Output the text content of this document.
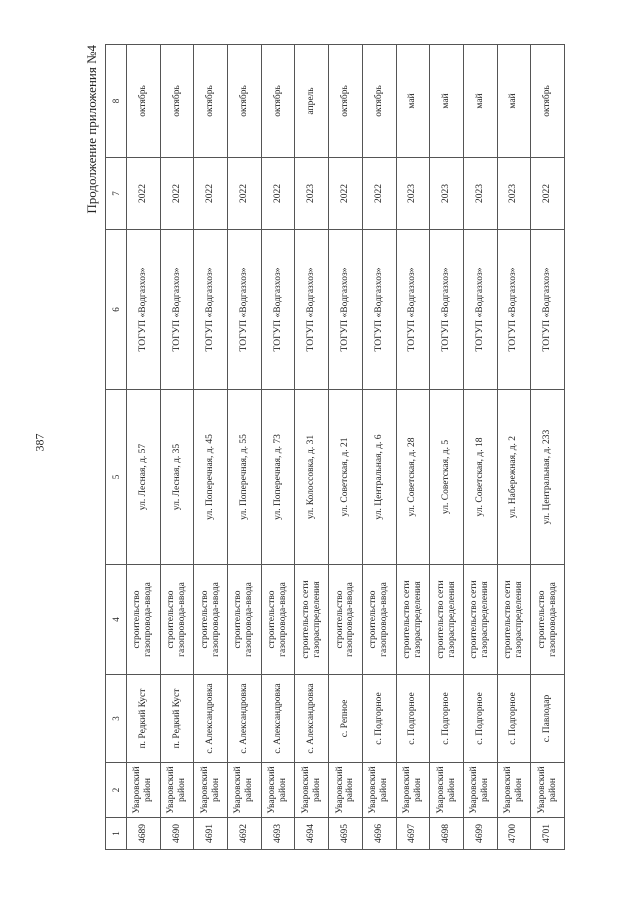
387
Продолжение приложения №4
1	2	3	4	5	6	7	8
4689	Уваровский район	п. Редкий Куст	строительство газопровода-ввода	ул. Лесная, д. 57	ТОГУП «Водгазхоз»	2022	октябрь
4690	Уваровский район	п. Редкий Куст	строительство газопровода-ввода	ул. Лесная, д. 35	ТОГУП «Водгазхоз»	2022	октябрь
4691	Уваровский район	с. Александровка	строительство газопровода-ввода	ул. Поперечная, д. 45	ТОГУП «Водгазхоз»	2022	октябрь
4692	Уваровский район	с. Александровка	строительство газопровода-ввода	ул. Поперечная, д. 55	ТОГУП «Водгазхоз»	2022	октябрь
4693	Уваровский район	с. Александровка	строительство газопровода-ввода	ул. Поперечная, д. 73	ТОГУП «Водгазхоз»	2022	октябрь
4694	Уваровский район	с. Александровка	строительство сети газораспределения	ул. Колоссовка, д. 31	ТОГУП «Водгазхоз»	2023	апрель
4695	Уваровский район	с. Репное	строительство газопровода-ввода	ул. Советская, д. 21	ТОГУП «Водгазхоз»	2022	октябрь
4696	Уваровский район	с. Подгорное	строительство газопровода-ввода	ул. Центральная, д. 6	ТОГУП «Водгазхоз»	2022	октябрь
4697	Уваровский район	с. Подгорное	строительство сети газораспределения	ул. Советская, д. 28	ТОГУП «Водгазхоз»	2023	май
4698	Уваровский район	с. Подгорное	строительство сети газораспределения	ул. Советская, д. 5	ТОГУП «Водгазхоз»	2023	май
4699	Уваровский район	с. Подгорное	строительство сети газораспределения	ул. Советская, д. 18	ТОГУП «Водгазхоз»	2023	май
4700	Уваровский район	с. Подгорное	строительство сети газораспределения	ул. Набережная, д. 2	ТОГУП «Водгазхоз»	2023	май
4701	Уваровский район	с. Павлодар	строительство газопровода-ввода	ул. Центральная, д. 233	ТОГУП «Водгазхоз»	2022	октябрь
